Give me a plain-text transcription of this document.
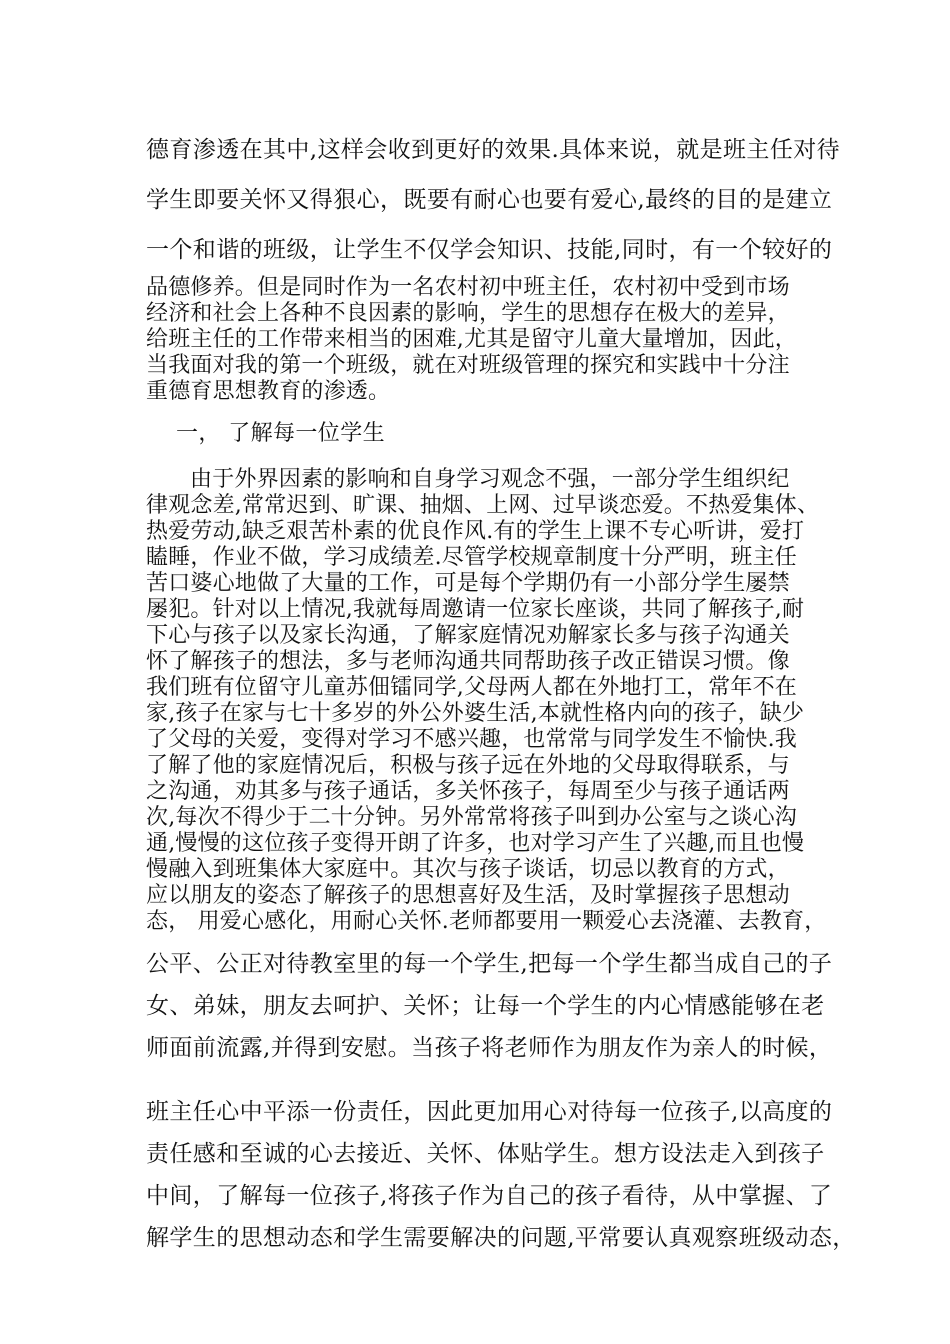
德育渗透在其中,这样会收到更好的效果.具体来说，就是班主任对待
学生即要关怀又得狠心，既要有耐心也要有爱心,最终的目的是建立
一个和谐的班级，让学生不仅学会知识、技能,同时，有一个较好的
品德修养。但是同时作为一名农村初中班主任，农村初中受到市场
经济和社会上各种不良因素的影响，学生的思想存在极大的差异，
给班主任的工作带来相当的困难,尤其是留守儿童大量增加，因此，
当我面对我的第一个班级，就在对班级管理的探究和实践中十分注
重德育思想教育的渗透。
一， 了解每一位学生
由于外界因素的影响和自身学习观念不强，一部分学生组织纪
律观念差,常常迟到、旷课、抽烟、上网、过早谈恋爱。不热爱集体、
热爱劳动,缺乏艰苦朴素的优良作风.有的学生上课不专心听讲，爱打
瞌睡，作业不做，学习成绩差.尽管学校规章制度十分严明，班主任
苦口婆心地做了大量的工作，可是每个学期仍有一小部分学生屡禁
屡犯。针对以上情况,我就每周邀请一位家长座谈，共同了解孩子,耐
下心与孩子以及家长沟通，了解家庭情况劝解家长多与孩子沟通关
怀了解孩子的想法，多与老师沟通共同帮助孩子改正错误习惯。像
我们班有位留守儿童苏佃镭同学,父母两人都在外地打工，常年不在
家,孩子在家与七十多岁的外公外婆生活,本就性格内向的孩子，缺少
了父母的关爱，变得对学习不感兴趣，也常常与同学发生不愉快.我
了解了他的家庭情况后，积极与孩子远在外地的父母取得联系，与
之沟通，劝其多与孩子通话，多关怀孩子，每周至少与孩子通话两
次,每次不得少于二十分钟。另外常常将孩子叫到办公室与之谈心沟
通,慢慢的这位孩子变得开朗了许多，也对学习产生了兴趣,而且也慢
慢融入到班集体大家庭中。其次与孩子谈话，切忌以教育的方式，
应以朋友的姿态了解孩子的思想喜好及生活，及时掌握孩子思想动
态， 用爱心感化，用耐心关怀.老师都要用一颗爱心去浇灌、去教育，
公平、公正对待教室里的每一个学生,把每一个学生都当成自己的子
女、弟妹，朋友去呵护、关怀；让每一个学生的内心情感能够在老
师面前流露,并得到安慰。当孩子将老师作为朋友作为亲人的时候，
班主任心中平添一份责任，因此更加用心对待每一位孩子,以高度的
责任感和至诚的心去接近、关怀、体贴学生。想方设法走入到孩子
中间，了解每一位孩子,将孩子作为自己的孩子看待，从中掌握、了
解学生的思想动态和学生需要解决的问题,平常要认真观察班级动态，
